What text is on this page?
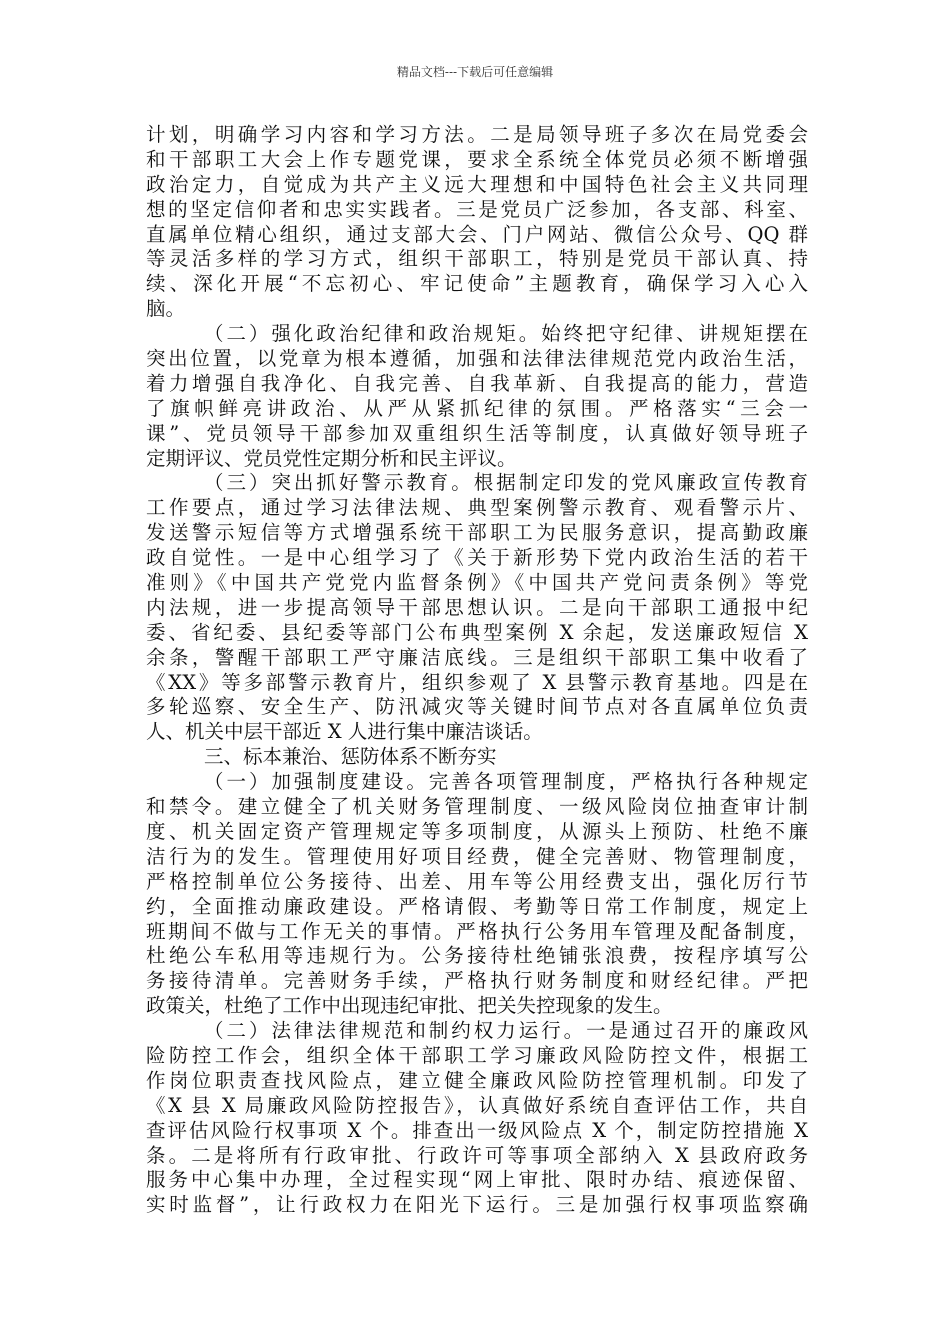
精品文档---下载后可任意编辑
计划，明确学习内容和学习方法。二是局领导班子多次在局党委会
和干部职工大会上作专题党课，要求全系统全体党员必须不断增强
政治定力，自觉成为共产主义远大理想和中国特色社会主义共同理
想的坚定信仰者和忠实实践者。三是党员广泛参加，各支部、科室、
直属单位精心组织，通过支部大会、门户网站、微信公众号、QQ 群
等灵活多样的学习方式，组织干部职工，特别是党员干部认真、持
续、深化开展“不忘初心、牢记使命”主题教育，确保学习入心入
脑。
（二）强化政治纪律和政治规矩。始终把守纪律、讲规矩摆在
突出位置，以党章为根本遵循，加强和法律法律规范党内政治生活，
着力增强自我净化、自我完善、自我革新、自我提高的能力，营造
了旗帜鲜亮讲政治、从严从紧抓纪律的氛围。严格落实“三会一
课”、党员领导干部参加双重组织生活等制度，认真做好领导班子
定期评议、党员党性定期分析和民主评议。
（三）突出抓好警示教育。根据制定印发的党风廉政宣传教育
工作要点，通过学习法律法规、典型案例警示教育、观看警示片、
发送警示短信等方式增强系统干部职工为民服务意识，提高勤政廉
政自觉性。一是中心组学习了《关于新形势下党内政治生活的若干
准则》《中国共产党党内监督条例》《中国共产党问责条例》等党
内法规，进一步提高领导干部思想认识。二是向干部职工通报中纪
委、省纪委、县纪委等部门公布典型案例 X 余起，发送廉政短信 X
余条，警醒干部职工严守廉洁底线。三是组织干部职工集中收看了
《XX》等多部警示教育片，组织参观了 X 县警示教育基地。四是在
多轮巡察、安全生产、防汛减灾等关键时间节点对各直属单位负责
人、机关中层干部近 X 人进行集中廉洁谈话。
三、标本兼治、惩防体系不断夯实
（一）加强制度建设。完善各项管理制度，严格执行各种规定
和禁令。建立健全了机关财务管理制度、一级风险岗位抽查审计制
度、机关固定资产管理规定等多项制度，从源头上预防、杜绝不廉
洁行为的发生。管理使用好项目经费，健全完善财、物管理制度，
严格控制单位公务接待、出差、用车等公用经费支出，强化厉行节
约，全面推动廉政建设。严格请假、考勤等日常工作制度，规定上
班期间不做与工作无关的事情。严格执行公务用车管理及配备制度，
杜绝公车私用等违规行为。公务接待杜绝铺张浪费，按程序填写公
务接待清单。完善财务手续，严格执行财务制度和财经纪律。严把
政策关，杜绝了工作中出现违纪审批、把关失控现象的发生。
（二）法律法律规范和制约权力运行。一是通过召开的廉政风
险防控工作会，组织全体干部职工学习廉政风险防控文件，根据工
作岗位职责查找风险点，建立健全廉政风险防控管理机制。印发了
《X 县 X 局廉政风险防控报告》，认真做好系统自查评估工作，共自
查评估风险行权事项 X 个。排查出一级风险点 X 个，制定防控措施 X
条。二是将所有行政审批、行政许可等事项全部纳入 X 县政府政务
服务中心集中办理，全过程实现“网上审批、限时办结、痕迹保留、
实时监督”，让行政权力在阳光下运行。三是加强行权事项监察确
